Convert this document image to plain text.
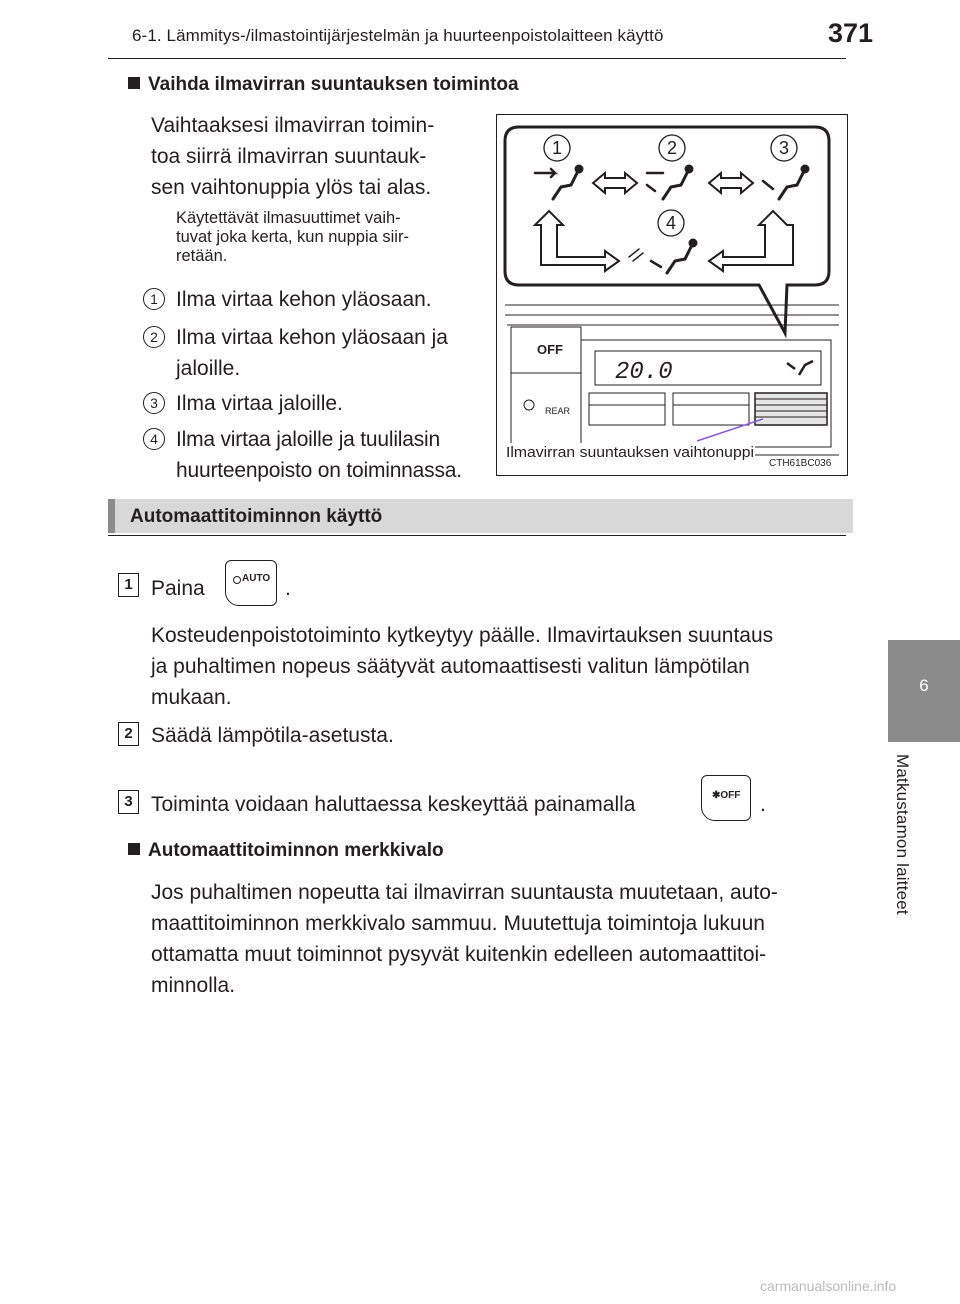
6-1. Lämmitys-/ilmastointijärjestelmän ja huurteenpoistolaitteen käyttö	371
6
Matkustamon laitteet
Vaihda ilmavirran suuntauksen toimintoa
Vaihtaaksesi ilmavirran toimin-
toa siirrä ilmavirran suuntauk-
sen vaihtonuppia ylös tai alas.
Käytettävät ilmasuuttimet vaih-
tuvat joka kerta, kun nuppia siir-
retään.
1 Ilma virtaa kehon yläosaan.
2 Ilma virtaa kehon yläosaan ja
jaloille.
3 Ilma virtaa jaloille.
4 Ilma virtaa jaloille ja tuulilasin
huurteenpoisto on toiminnassa.
1	2	3
4
OFF
REAR
20.0
Ilmavirran suuntauksen vaihtonuppi
CTH61BC036
Automaattitoiminnon käyttö
1 Paina	AUTO .
Kosteudenpoistotoiminto kytkeytyy päälle. Ilmavirtauksen suuntaus
ja puhaltimen nopeus säätyvät automaattisesti valitun lämpötilan
mukaan.
2 Säädä lämpötila-asetusta.
3 Toiminta voidaan haluttaessa keskeyttää painamalla	✱OFF .
Automaattitoiminnon merkkivalo
Jos puhaltimen nopeutta tai ilmavirran suuntausta muutetaan, auto-
maattitoiminnon merkkivalo sammuu. Muutettuja toimintoja lukuun
ottamatta muut toiminnot pysyvät kuitenkin edelleen automaattitoi-
minnolla.
carmanualsonline.info
